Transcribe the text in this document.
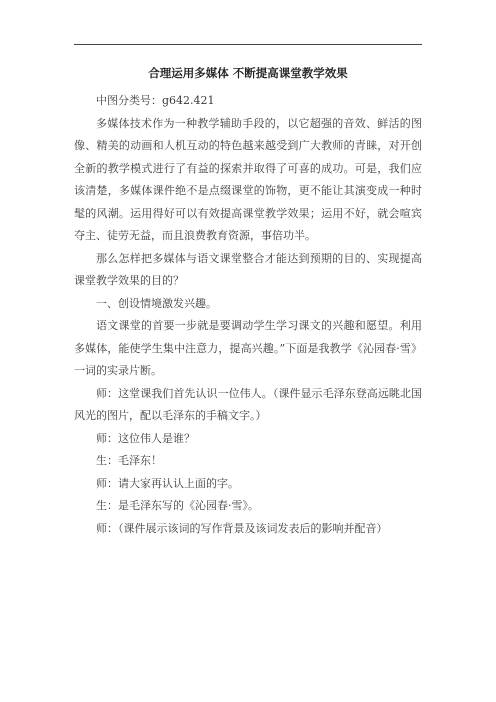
合理运用多媒体 不断提高课堂教学效果

中图分类号：g642.421

多媒体技术作为一种教学辅助手段的，以它超强的音效、鲜活的图像、精美的动画和人机互动的特色越来越受到广大教师的青睐，对开创全新的教学模式进行了有益的探索并取得了可喜的成功。可是，我们应该清楚，多媒体课件绝不是点缀课堂的饰物，更不能让其演变成一种时髦的风潮。运用得好可以有效提高课堂教学效果；运用不好，就会喧宾夺主、徒劳无益，而且浪费教育资源，事倍功半。

那么怎样把多媒体与语文课堂整合才能达到预期的目的、实现提高课堂教学效果的目的？

一、创设情境激发兴趣。

语文课堂的首要一步就是要调动学生学习课文的兴趣和愿望。利用多媒体，能使学生集中注意力，提高兴趣。”下面是我教学《沁园春·雪》一词的实录片断。

师：这堂课我们首先认识一位伟人。（课件显示毛泽东登高远眺北国风光的图片，配以毛泽东的手稿文字。）

师：这位伟人是谁？

生：毛泽东！

师：请大家再认认上面的字。

生：是毛泽东写的《沁园春·雪》。

师：（课件展示该词的写作背景及该词发表后的影响并配音）
